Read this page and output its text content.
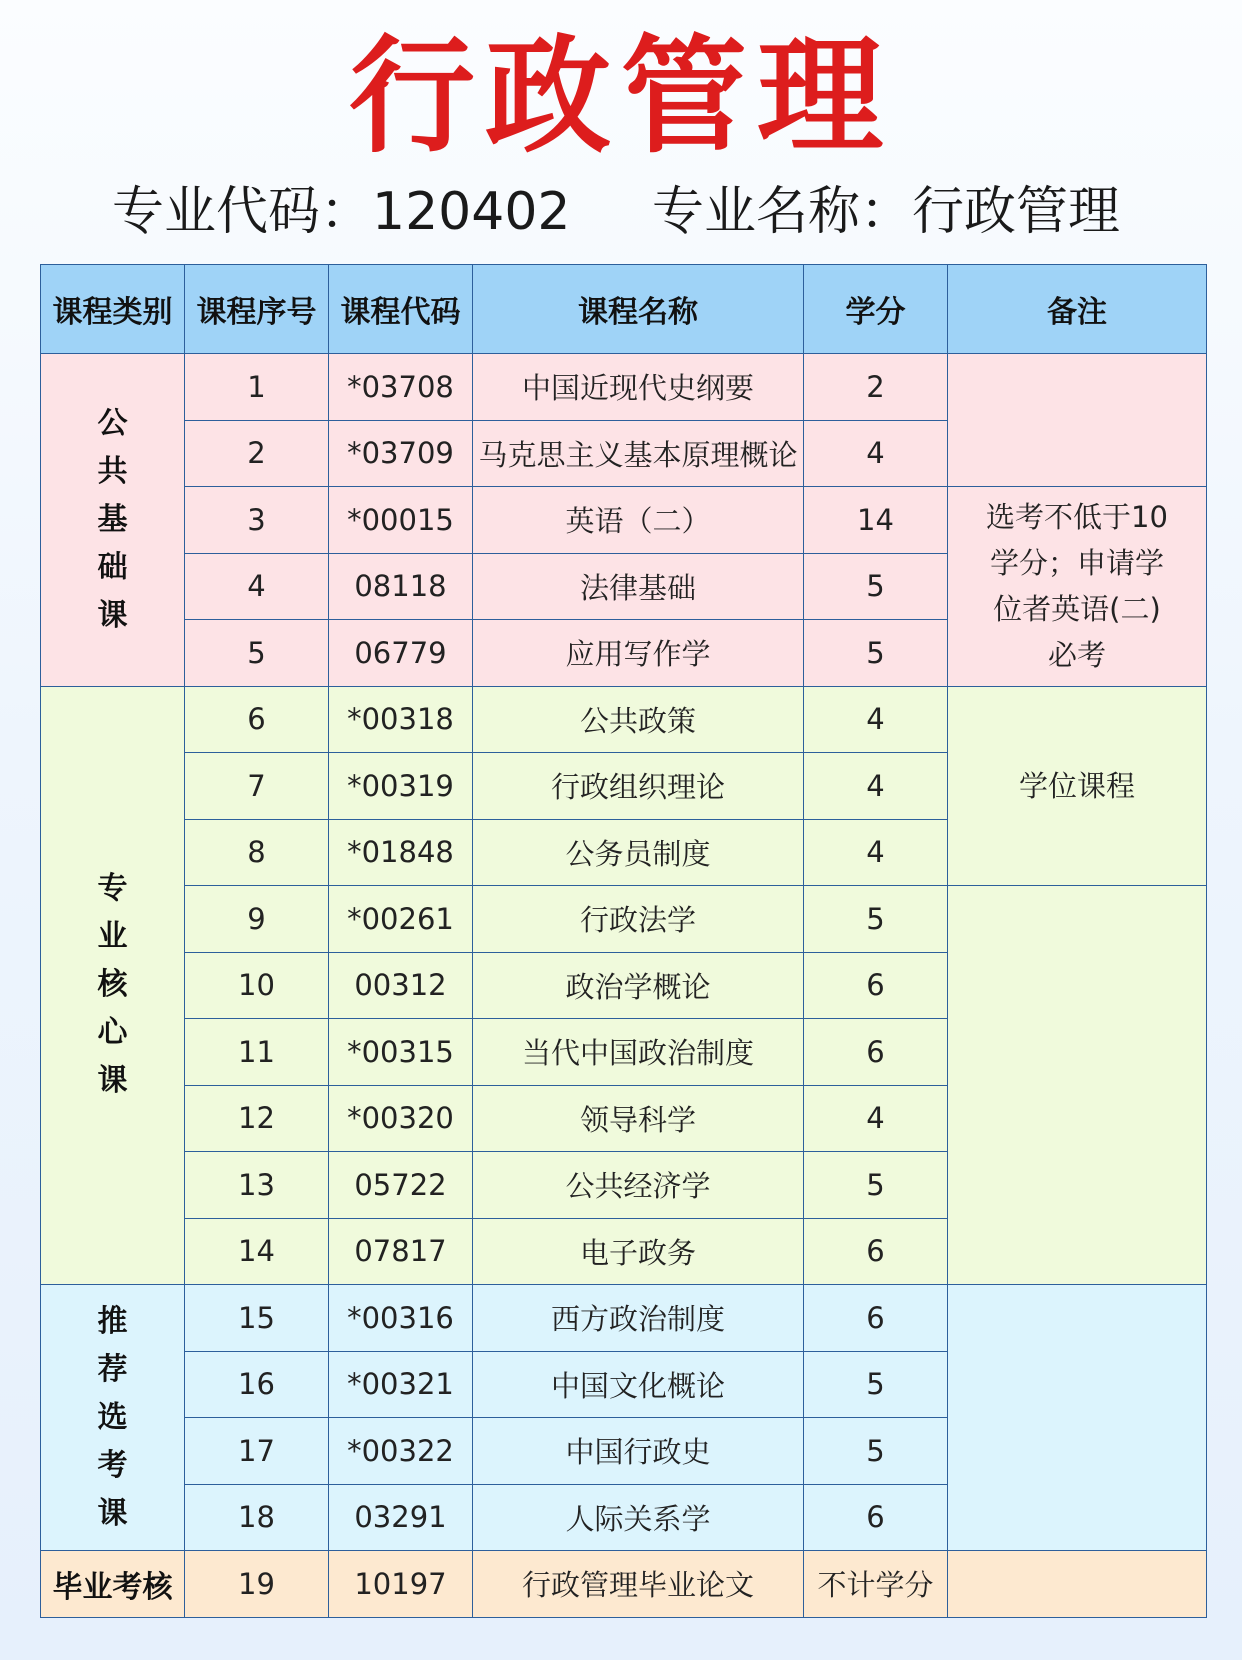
行政管理
专业代码：120402 专业名称：行政管理
课程类别	课程序号	课程代码	课程名称	学分	备注
公共基础课	1	*03708	中国近现代史纲要	2	
	2	*03709	马克思主义基本原理概论	4	
	3	*00015	英语（二）	14	选考不低于10学分；申请学位者英语(二)必考
	4	08118	法律基础	5	
	5	06779	应用写作学	5	
专业核心课	6	*00318	公共政策	4	学位课程
	7	*00319	行政组织理论	4	
	8	*01848	公务员制度	4	
	9	*00261	行政法学	5	
	10	00312	政治学概论	6	
	11	*00315	当代中国政治制度	6	
	12	*00320	领导科学	4	
	13	05722	公共经济学	5	
	14	07817	电子政务	6	
推荐选考课	15	*00316	西方政治制度	6	
	16	*00321	中国文化概论	5	
	17	*00322	中国行政史	5	
	18	03291	人际关系学	6	
毕业考核	19	10197	行政管理毕业论文	不计学分	
